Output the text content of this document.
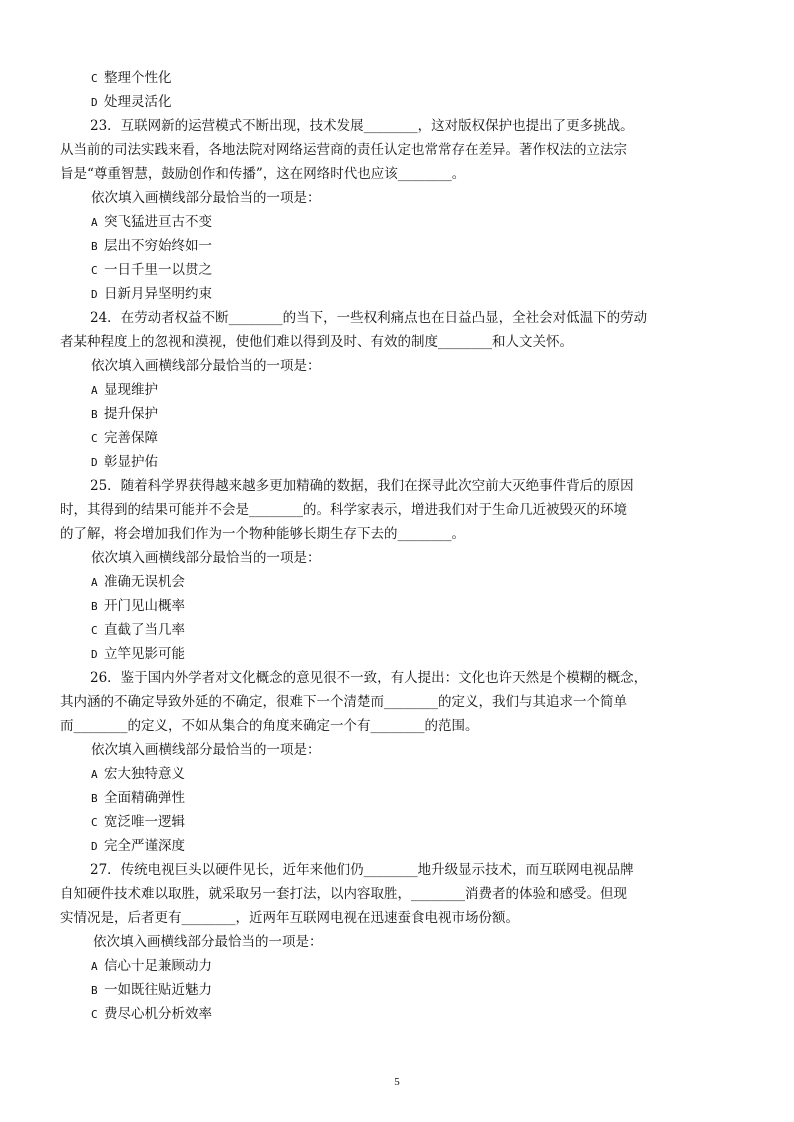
C 整理个性化
D 处理灵活化
23．互联网新的运营模式不断出现，技术发展________，这对版权保护也提出了更多挑战。
从当前的司法实践来看，各地法院对网络运营商的责任认定也常常存在差异。著作权法的立法宗
旨是“尊重智慧，鼓励创作和传播”，这在网络时代也应该________。
依次填入画横线部分最恰当的一项是：
A 突飞猛进亘古不变
B 层出不穷始终如一
C 一日千里一以贯之
D 日新月异坚明约束
24．在劳动者权益不断________的当下，一些权利痛点也在日益凸显，全社会对低温下的劳动
者某种程度上的忽视和漠视，使他们难以得到及时、有效的制度________和人文关怀。
依次填入画横线部分最恰当的一项是：
A 显现维护
B 提升保护
C 完善保障
D 彰显护佑
25．随着科学界获得越来越多更加精确的数据，我们在探寻此次空前大灭绝事件背后的原因
时，其得到的结果可能并不会是________的。科学家表示，增进我们对于生命几近被毁灭的环境
的了解，将会增加我们作为一个物种能够长期生存下去的________。
依次填入画横线部分最恰当的一项是：
A 准确无误机会
B 开门见山概率
C 直截了当几率
D 立竿见影可能
26．鉴于国内外学者对文化概念的意见很不一致，有人提出：文化也许天然是个模糊的概念，
其内涵的不确定导致外延的不确定，很难下一个清楚而________的定义，我们与其追求一个简单
而________的定义，不如从集合的角度来确定一个有________的范围。
依次填入画横线部分最恰当的一项是：
A 宏大独特意义
B 全面精确弹性
C 宽泛唯一逻辑
D 完全严谨深度
27．传统电视巨头以硬件见长，近年来他们仍________地升级显示技术，而互联网电视品牌
自知硬件技术难以取胜，就采取另一套打法，以内容取胜，________消费者的体验和感受。但现
实情况是，后者更有________，近两年互联网电视在迅速蚕食电视市场份额。
依次填入画横线部分最恰当的一项是：
A 信心十足兼顾动力
B 一如既往贴近魅力
C 费尽心机分析效率
5
